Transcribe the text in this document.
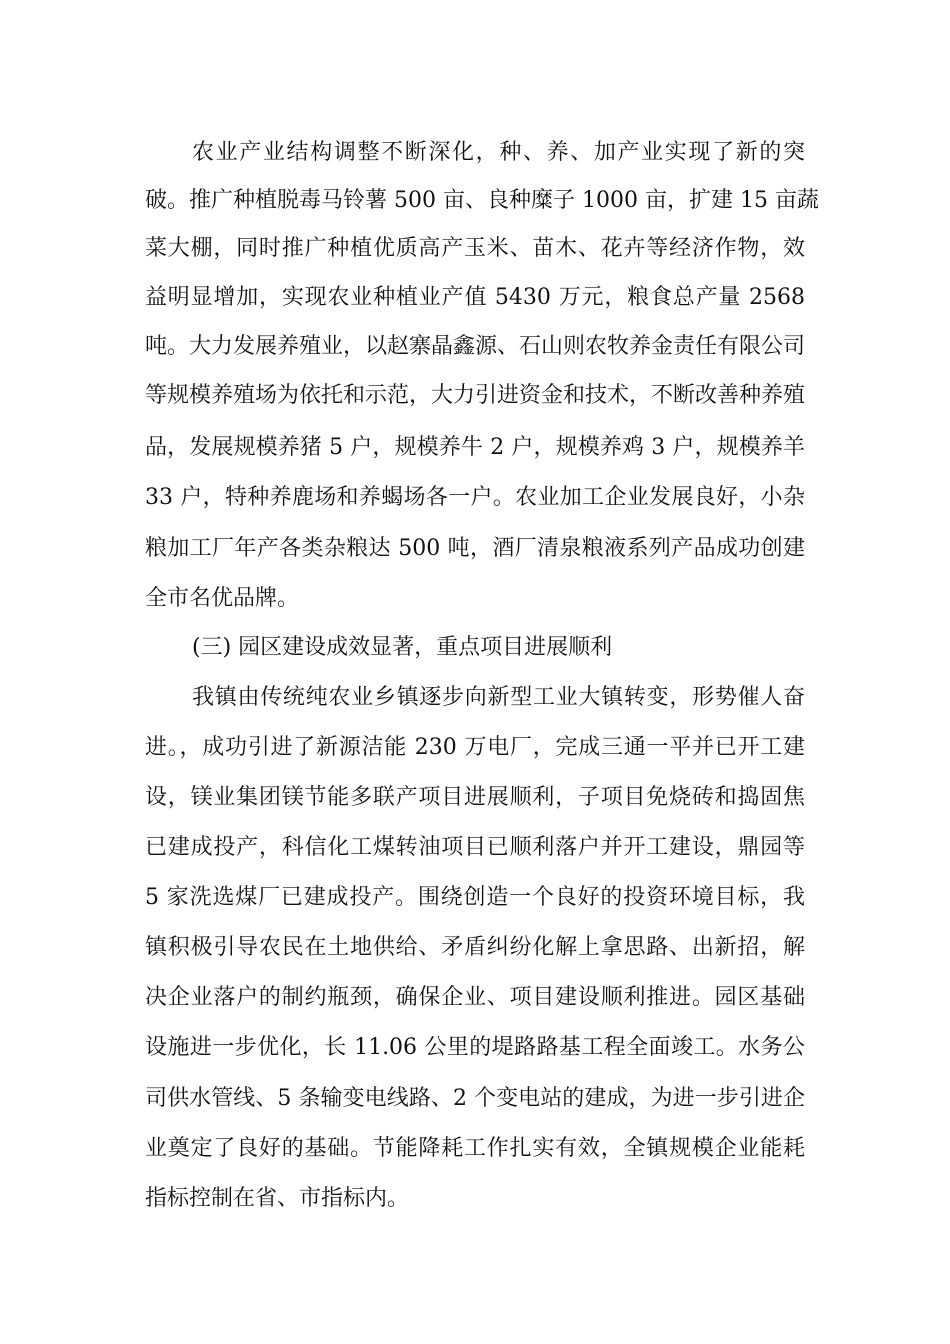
农业产业结构调整不断深化，种、养、加产业实现了新的突
破。推广种植脱毒马铃薯 500 亩、良种糜子 1000 亩，扩建 15 亩蔬
菜大棚，同时推广种植优质高产玉米、苗木、花卉等经济作物，效
益明显增加，实现农业种植业产值 5430 万元，粮食总产量 2568
吨。大力发展养殖业，以赵寨晶鑫源、石山则农牧养金责任有限公司
等规模养殖场为依托和示范，大力引进资金和技术，不断改善种养殖
品，发展规模养猪 5 户，规模养牛 2 户，规模养鸡 3 户，规模养羊
33 户，特种养鹿场和养蝎场各一户。农业加工企业发展良好，小杂
粮加工厂年产各类杂粮达 500 吨，酒厂清泉粮液系列产品成功创建
全市名优品牌。
(三) 园区建设成效显著，重点项目进展顺利
我镇由传统纯农业乡镇逐步向新型工业大镇转变，形势催人奋
进。，成功引进了新源洁能 230 万电厂，完成三通一平并已开工建
设，镁业集团镁节能多联产项目进展顺利，子项目免烧砖和捣固焦
已建成投产，科信化工煤转油项目已顺利落户并开工建设，鼎园等
5 家洗选煤厂已建成投产。围绕创造一个良好的投资环境目标，我
镇积极引导农民在土地供给、矛盾纠纷化解上拿思路、出新招，解
决企业落户的制约瓶颈，确保企业、项目建设顺利推进。园区基础
设施进一步优化，长 11.06 公里的堤路路基工程全面竣工。水务公
司供水管线、5 条输变电线路、2 个变电站的建成，为进一步引进企
业奠定了良好的基础。节能降耗工作扎实有效，全镇规模企业能耗
指标控制在省、市指标内。
